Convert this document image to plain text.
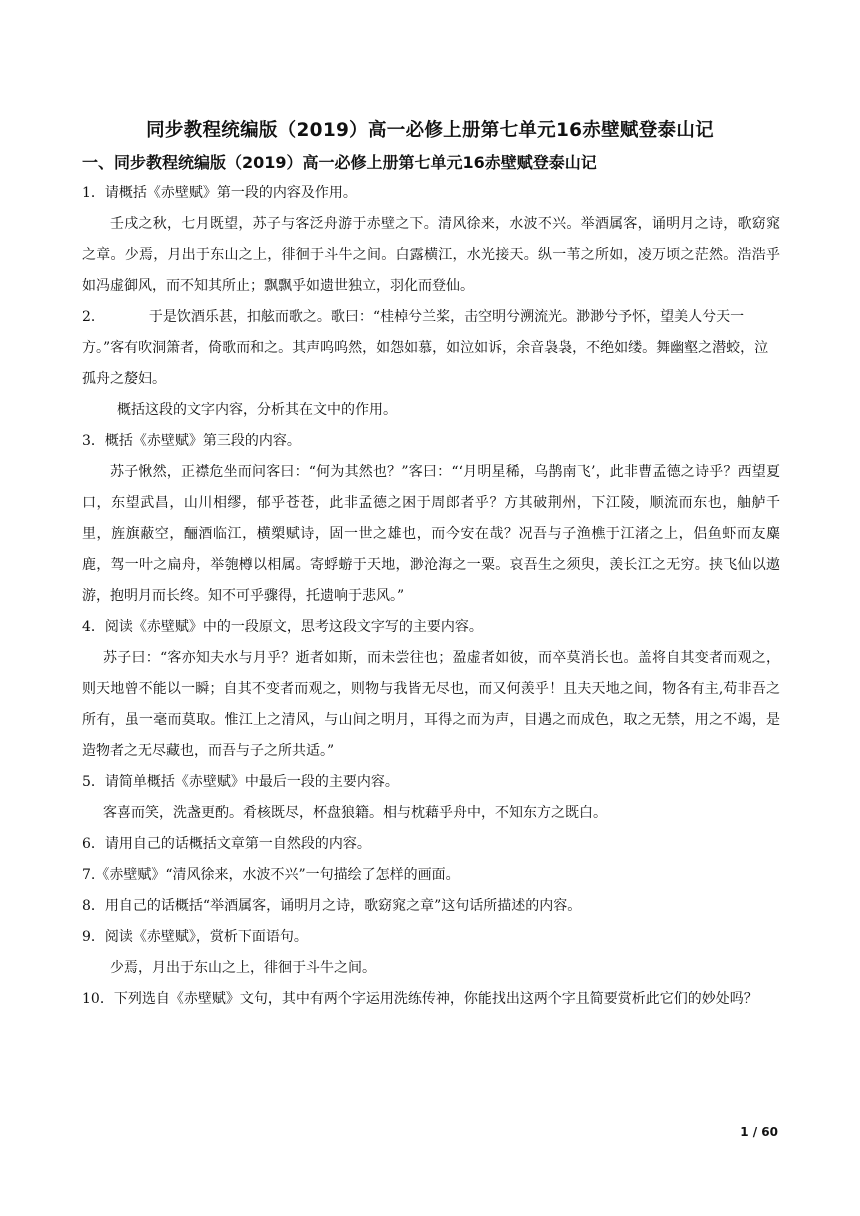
同步教程统编版（2019）高一必修上册第七单元16赤壁赋登泰山记
一、同步教程统编版（2019）高一必修上册第七单元16赤壁赋登泰山记

1．请概括《赤壁赋》第一段的内容及作用。

壬戌之秋，七月既望，苏子与客泛舟游于赤壁之下。清风徐来，水波不兴。举酒属客，诵明月之诗，歌窈窕之章。少焉，月出于东山之上，徘徊于斗牛之间。白露横江，水光接天。纵一苇之所如，凌万顷之茫然。浩浩乎如冯虚御风，而不知其所止；飘飘乎如遗世独立，羽化而登仙。

2．	于是饮酒乐甚，扣舷而歌之。歌曰：“桂棹兮兰桨，击空明兮溯流光。渺渺兮予怀，望美人兮天一方。”客有吹洞箫者，倚歌而和之。其声呜呜然，如怨如慕，如泣如诉，余音袅袅，不绝如缕。舞幽壑之潜蛟，泣孤舟之嫠妇。

概括这段的文字内容，分析其在文中的作用。

3．概括《赤壁赋》第三段的内容。

苏子愀然，正襟危坐而问客曰：“何为其然也？”客曰：“‘月明星稀，乌鹊南飞’，此非曹孟德之诗乎？西望夏口，东望武昌，山川相缪，郁乎苍苍，此非孟德之困于周郎者乎？方其破荆州，下江陵，顺流而东也，舳舻千里，旌旗蔽空，酾酒临江，横槊赋诗，固一世之雄也，而今安在哉？况吾与子渔樵于江渚之上，侣鱼虾而友麋鹿，驾一叶之扁舟，举匏樽以相属。寄蜉蝣于天地，渺沧海之一粟。哀吾生之须臾，羡长江之无穷。挟飞仙以遨游，抱明月而长终。知不可乎骤得，托遗响于悲风。”

4．阅读《赤壁赋》中的一段原文，思考这段文字写的主要内容。

苏子曰：“客亦知夫水与月乎？逝者如斯，而未尝往也；盈虚者如彼，而卒莫消长也。盖将自其变者而观之，则天地曾不能以一瞬；自其不变者而观之，则物与我皆无尽也，而又何羡乎！且夫天地之间，物各有主,苟非吾之所有，虽一毫而莫取。惟江上之清风，与山间之明月，耳得之而为声，目遇之而成色，取之无禁，用之不竭，是造物者之无尽藏也，而吾与子之所共适。”

5．请简单概括《赤壁赋》中最后一段的主要内容。

客喜而笑，洗盏更酌。肴核既尽，杯盘狼籍。相与枕藉乎舟中，不知东方之既白。

6．请用自己的话概括文章第一自然段的内容。

7.《赤壁赋》“清风徐来，水波不兴”一句描绘了怎样的画面。

8．用自己的话概括“举酒属客，诵明月之诗，歌窈窕之章”这句话所描述的内容。

9．阅读《赤壁赋》，赏析下面语句。

少焉，月出于东山之上，徘徊于斗牛之间。

10．下列选自《赤壁赋》文句，其中有两个字运用洗练传神，你能找出这两个字且简要赏析此它们的妙处吗？

1 / 60
